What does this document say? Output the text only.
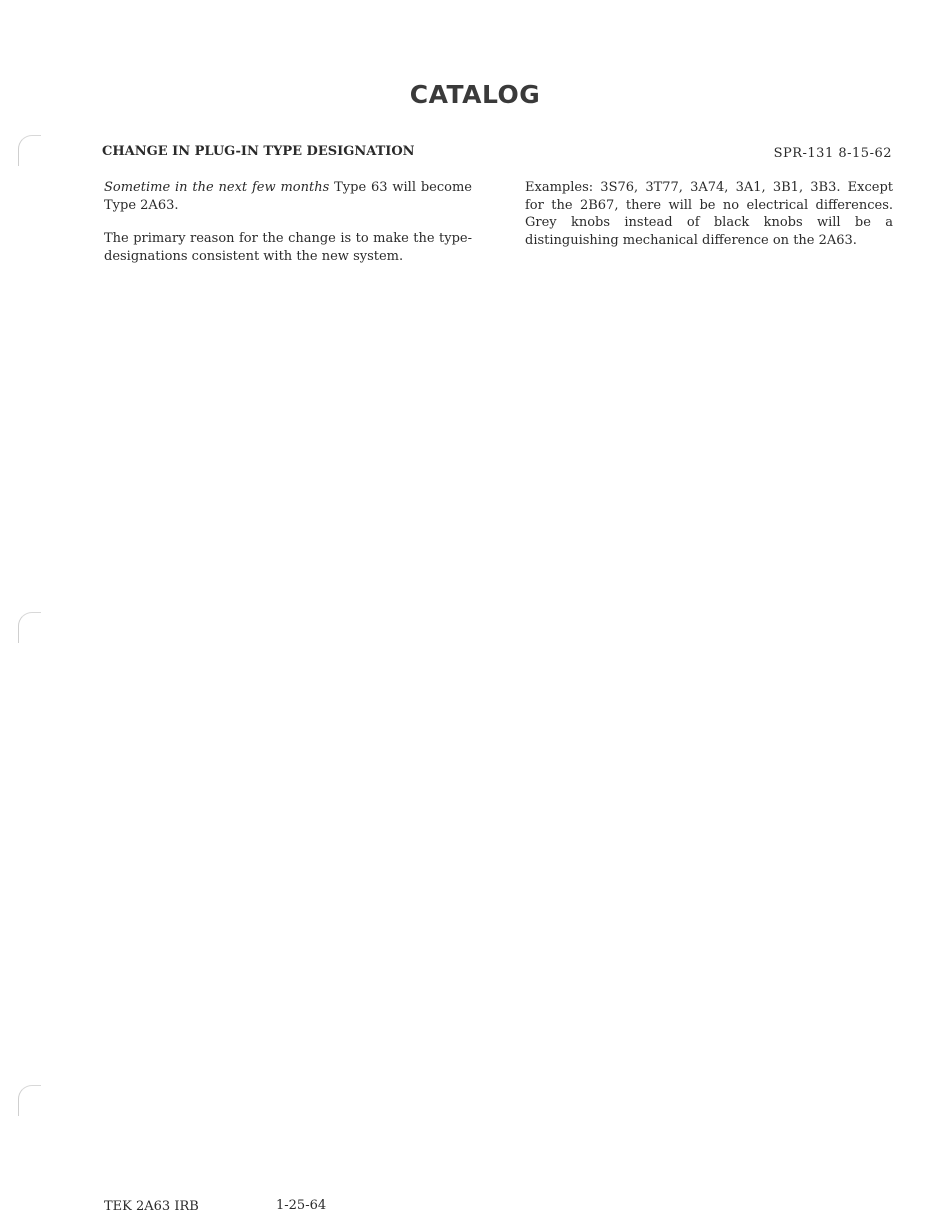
CATALOG
CHANGE IN PLUG-IN TYPE DESIGNATION	SPR-131 8-15-62

Sometime in the next few months Type 63 will become Type 2A63.

The primary reason for the change is to make the type-designations consistent with the new system.

Examples: 3S76, 3T77, 3A74, 3A1, 3B1, 3B3. Except for the 2B67, there will be no electrical differences. Grey knobs instead of black knobs will be a distinguishing mechanical difference on the 2A63.

TEK 2A63 IRB	1-25-64
